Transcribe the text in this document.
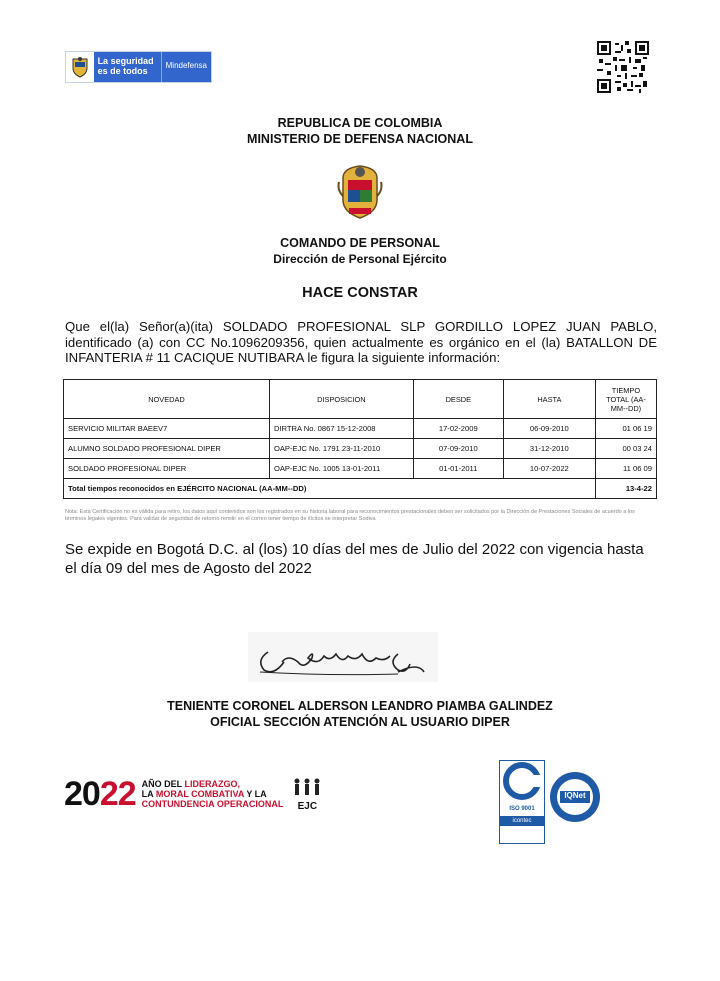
La seguridad
es de todos
Mindefensa
REPUBLICA DE COLOMBIA
MINISTERIO DE DEFENSA NACIONAL
COMANDO DE PERSONAL
Dirección de Personal Ejército
HACE CONSTAR
Que el(la) Señor(a)(ita) SOLDADO PROFESIONAL SLP GORDILLO LOPEZ JUAN PABLO, identificado (a) con CC No.1096209356, quien actualmente es orgánico en el (la) BATALLON DE INFANTERIA # 11 CACIQUE NUTIBARA le figura la siguiente información:
NOVEDAD	DISPOSICION	DESDE	HASTA	TIEMPO TOTAL (AA-MM--DD)
SERVICIO MILITAR BAEEV7	DIRTRA No. 0867 15-12-2008	17-02-2009	06-09-2010	01 06 19
ALUMNO SOLDADO PROFESIONAL DIPER	OAP-EJC No. 1791 23-11-2010	07-09-2010	31-12-2010	00 03 24
SOLDADO PROFESIONAL DIPER	OAP-EJC No. 1005 13-01-2011	01-01-2011	10-07-2022	11 06 09
Total tiempos reconocidos en EJÉRCITO NACIONAL (AA-MM--DD)				13-4-22
Nota: Esta Certificación no es válida para retiro, los datos aquí contenidos son los registrados en su historia laboral para reconocimientos prestacionales deben ser solicitados por la Dirección de Prestaciones Sociales de acuerdo a los términos legales vigentes. Para validar de seguridad de retorno remitir en el correo tener tiempo de ilícitos se interpretar Sodiva
Se expide en Bogotá D.C. al (los) 10 días del mes de Julio del 2022 con vigencia hasta el día 09 del mes de Agosto del 2022
TENIENTE CORONEL ALDERSON LEANDRO PIAMBA GALINDEZ
OFICIAL SECCIÓN ATENCIÓN AL USUARIO DIPER
2022 AÑO DEL LIDERAZGO,
LA MORAL COMBATIVA Y LA
CONTUNDENCIA OPERACIONAL	EJC	ISO 9001
icontec
IQNet
